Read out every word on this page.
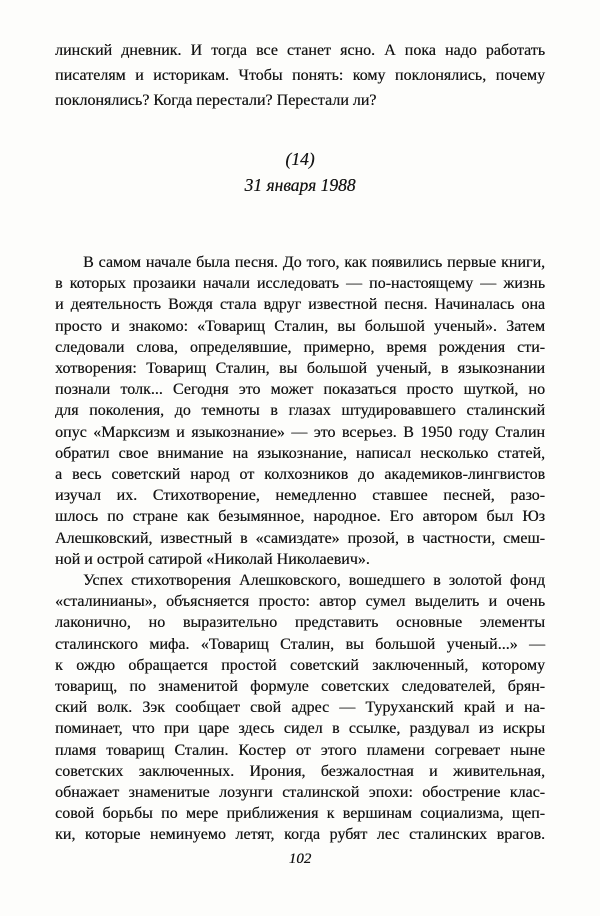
линский дневник. И тогда все станет ясно. А пока надо работать
писателям и историкам. Чтобы понять: кому поклонялись, почему
поклонялись? Когда перестали? Перестали ли?
(14)
31 января 1988
В самом начале была песня. До того, как появились первые книги,
в которых прозаики начали исследовать — по-настоящему — жизнь
и деятельность Вождя стала вдруг известной песня. Начиналась она
просто и знакомо: «Товарищ Сталин, вы большой ученый». Затем
следовали слова, определявшие, примерно, время рождения сти-
хотворения: Товарищ Сталин, вы большой ученый, в языкознании
познали толк... Сегодня это может показаться просто шуткой, но
для поколения, до темноты в глазах штудировавшего сталинский
опус «Марксизм и языкознание» — это всерьез. В 1950 году Сталин
обратил свое внимание на языкознание, написал несколько статей,
а весь советский народ от колхозников до академиков-лингвистов
изучал их. Стихотворение, немедленно ставшее песней, разо-
шлось по стране как безымянное, народное. Его автором был Юз
Алешковский, известный в «самиздате» прозой, в частности, смеш-
ной и острой сатирой «Николай Николаевич».
Успех стихотворения Алешковского, вошедшего в золотой фонд
«сталинианы», объясняется просто: автор сумел выделить и очень
лаконично, но выразительно представить основные элементы
сталинского мифа. «Товарищ Сталин, вы большой ученый...» —
к ождю обращается простой советский заключенный, которому
товарищ, по знаменитой формуле советских следователей, брян-
ский волк. Зэк сообщает свой адрес — Туруханский край и на-
поминает, что при царе здесь сидел в ссылке, раздувал из искры
пламя товарищ Сталин. Костер от этого пламени согревает ныне
советских заключенных. Ирония, безжалостная и живительная,
обнажает знаменитые лозунги сталинской эпохи: обострение клас-
совой борьбы по мере приближения к вершинам социализма, щеп-
ки, которые неминуемо летят, когда рубят лес сталинских врагов.
102
